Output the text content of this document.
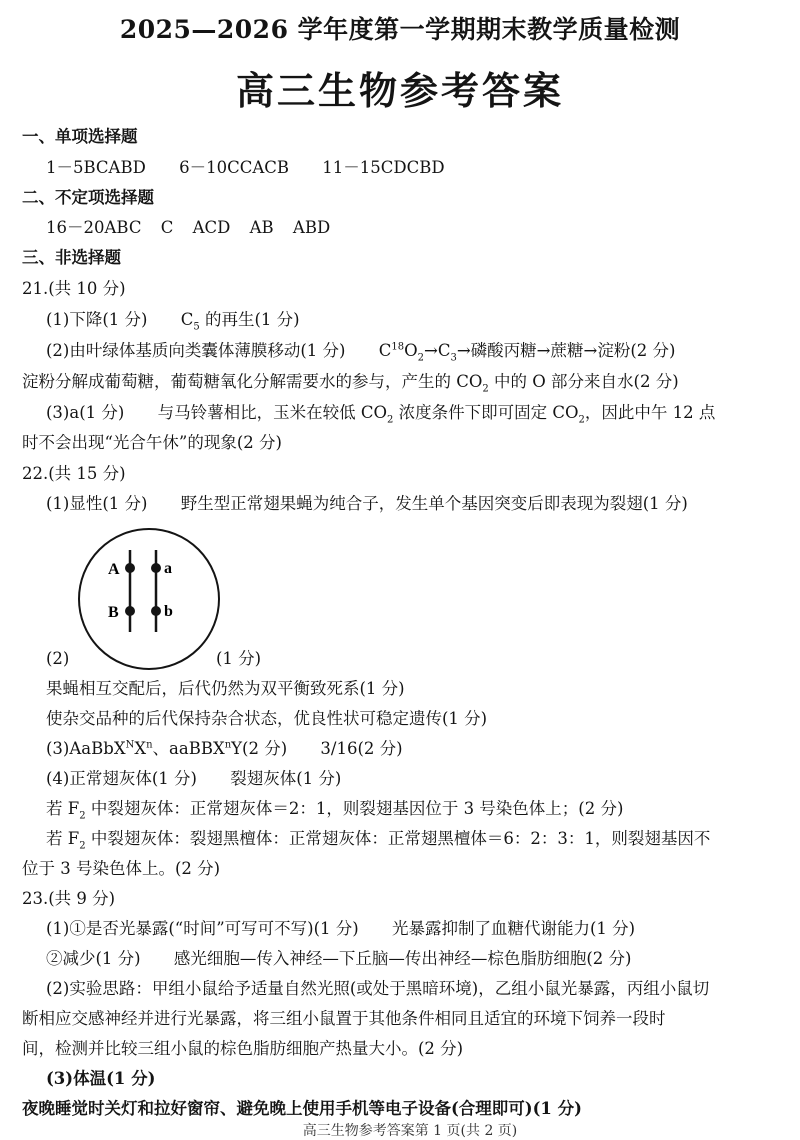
2025—2026 学年度第一学期期末教学质量检测
高三生物参考答案
一、单项选择题
1－5BCABD 6－10CCACB 11－15CDCBD
二、不定项选择题
16－20ABC C ACD AB ABD
三、非选择题
21.(共 10 分)
(1)下降(1 分) $C_5$ 的再生(1 分)
(2)由叶绿体基质向类囊体薄膜移动(1 分) $C^{18}O_2\to C_3\to$磷酸丙糖→蔗糖→淀粉(2 分)
淀粉分解成葡萄糖，葡萄糖氧化分解需要水的参与，产生的 $CO_2$ 中的 O 部分来自水(2 分)
(3)a(1 分) 与马铃薯相比，玉米在较低 $CO_2$ 浓度条件下即可固定 $CO_2$，因此中午 12 点
时不会出现“光合午休”的现象(2 分)
22.(共 15 分)
(1)显性(1 分) 野生型正常翅果蝇为纯合子，发生单个基因突变后即表现为裂翅(1 分)
A
B
a
b
(2)	(1 分)
果蝇相互交配后，后代仍然为双平衡致死系(1 分)
使杂交品种的后代保持杂合状态，优良性状可稳定遗传(1 分)
$(3)AaBbX^NX^n$、aaBBX$^n$Y(2 分) 3/16(2 分)
(4)正常翅灰体(1 分) 裂翅灰体(1 分)
若 $F_2$ 中裂翅灰体：正常翅灰体＝2：1，则裂翅基因位于 3 号染色体上；(2 分)
若 $F_2$ 中裂翅灰体：裂翅黑檀体：正常翅灰体：正常翅黑檀体＝6：2：3：1，则裂翅基因不
位于 3 号染色体上。(2 分)
23.(共 9 分)
(1)①是否光暴露(“时间”可写可不写)(1 分) 光暴露抑制了血糖代谢能力(1 分)
②减少(1 分) 感光细胞—传入神经—下丘脑—传出神经—棕色脂肪细胞(2 分)
(2)实验思路：甲组小鼠给予适量自然光照(或处于黑暗环境)，乙组小鼠光暴露，丙组小鼠切
断相应交感神经并进行光暴露，将三组小鼠置于其他条件相同且适宜的环境下饲养一段时
间，检测并比较三组小鼠的棕色脂肪细胞产热量大小。(2 分)
(3)体温(1 分)
夜晚睡觉时关灯和拉好窗帘、避免晚上使用手机等电子设备(合理即可)(1 分)
高三生物参考答案第 1 页(共 2 页)
